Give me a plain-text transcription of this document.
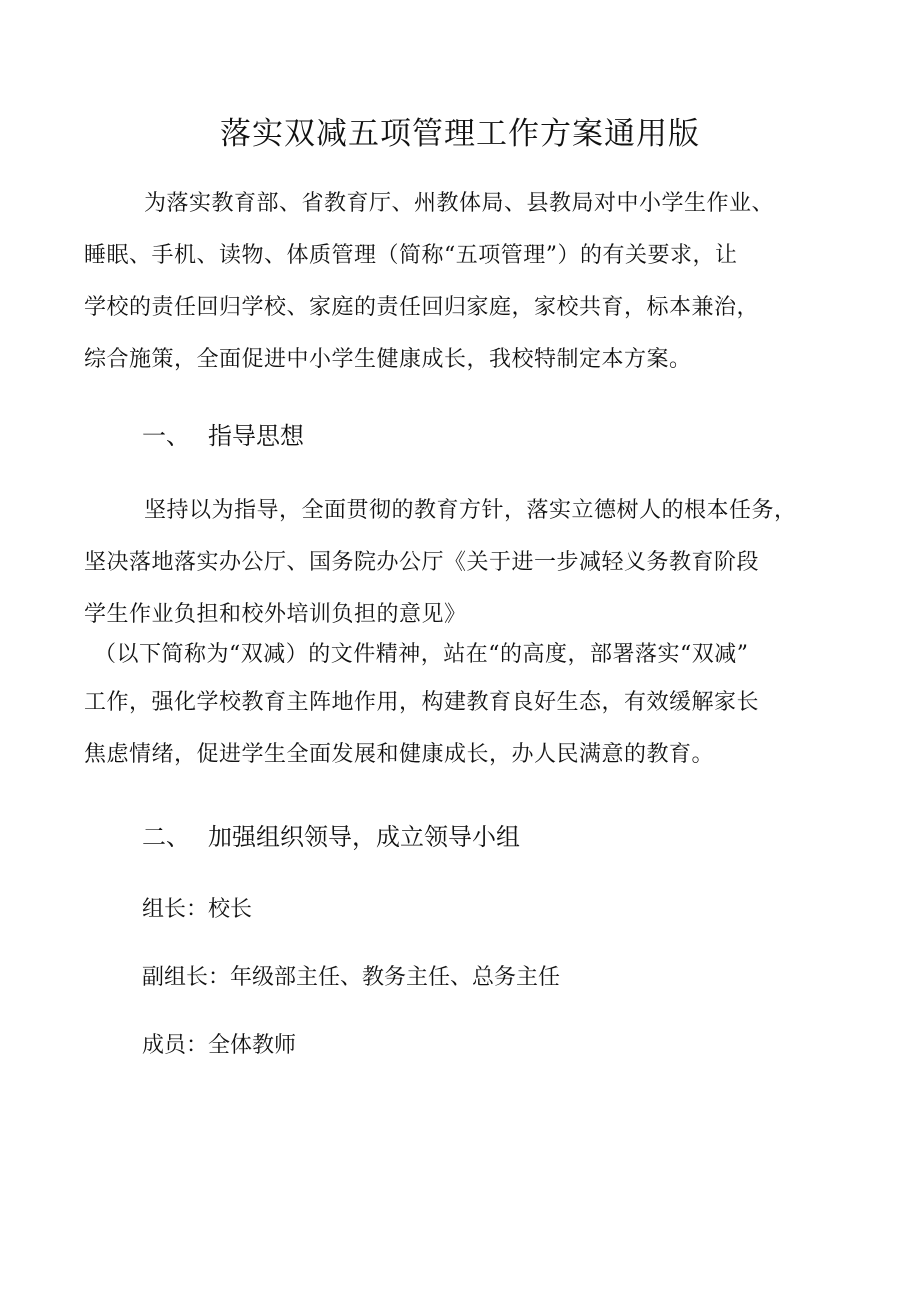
落实双减五项管理工作方案通用版
为落实教育部、省教育厅、州教体局、县教局对中小学生作业、
睡眠、手机、读物、体质管理（简称“五项管理”）的有关要求，让
学校的责任回归学校、家庭的责任回归家庭，家校共育，标本兼治，
综合施策，全面促进中小学生健康成长，我校特制定本方案。
一、 指导思想
坚持以为指导，全面贯彻的教育方针，落实立德树人的根本任务，
坚决落地落实办公厅、国务院办公厅《关于进一步减轻义务教育阶段
学生作业负担和校外培训负担的意见》
（以下简称为“双减）的文件精神，站在“的高度，部署落实“双减”
工作，强化学校教育主阵地作用，构建教育良好生态，有效缓解家长
焦虑情绪，促进学生全面发展和健康成长，办人民满意的教育。
二、 加强组织领导，成立领导小组
组长：校长
副组长：年级部主任、教务主任、总务主任
成员：全体教师
